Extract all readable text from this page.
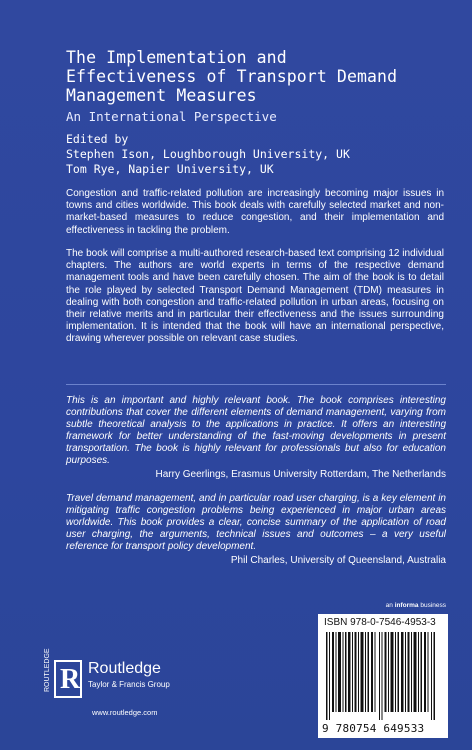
The Implementation and
Effectiveness of Transport Demand
Management Measures
An International Perspective
Edited by
Stephen Ison, Loughborough University, UK
Tom Rye, Napier University, UK

Congestion and traffic-related pollution are increasingly becoming major issues in towns and cities worldwide. This book deals with carefully selected market and non-market-based measures to reduce congestion, and their implementation and effectiveness in tackling the problem.

The book will comprise a multi-authored research-based text comprising 12 individual chapters. The authors are world experts in terms of the respective demand management tools and have been carefully chosen. The aim of the book is to detail the role played by selected Transport Demand Management (TDM) measures in dealing with both congestion and traffic-related pollution in urban areas, focusing on their relative merits and in particular their effectiveness and the issues surrounding implementation. It is intended that the book will have an international perspective, drawing wherever possible on relevant case studies.

This is an important and highly relevant book. The book comprises interesting contributions that cover the different elements of demand management, varying from subtle theoretical analysis to the applications in practice. It offers an interesting framework for better understanding of the fast-moving developments in present transportation. The book is highly relevant for professionals but also for education purposes.
Harry Geerlings, Erasmus University Rotterdam, The Netherlands
Travel demand management, and in particular road user charging, is a key element in mitigating traffic congestion problems being experienced in major urban areas worldwide. This book provides a clear, concise summary of the application of road user charging, the arguments, technical issues and outcomes – a very useful reference for transport policy development.
Phil Charles, University of Queensland, Australia
an informa business
ISBN 978-0-7546-4953-3
9 780754 649533
ROUTLEDGE R Routledge
Taylor & Francis Group
www.routledge.com
